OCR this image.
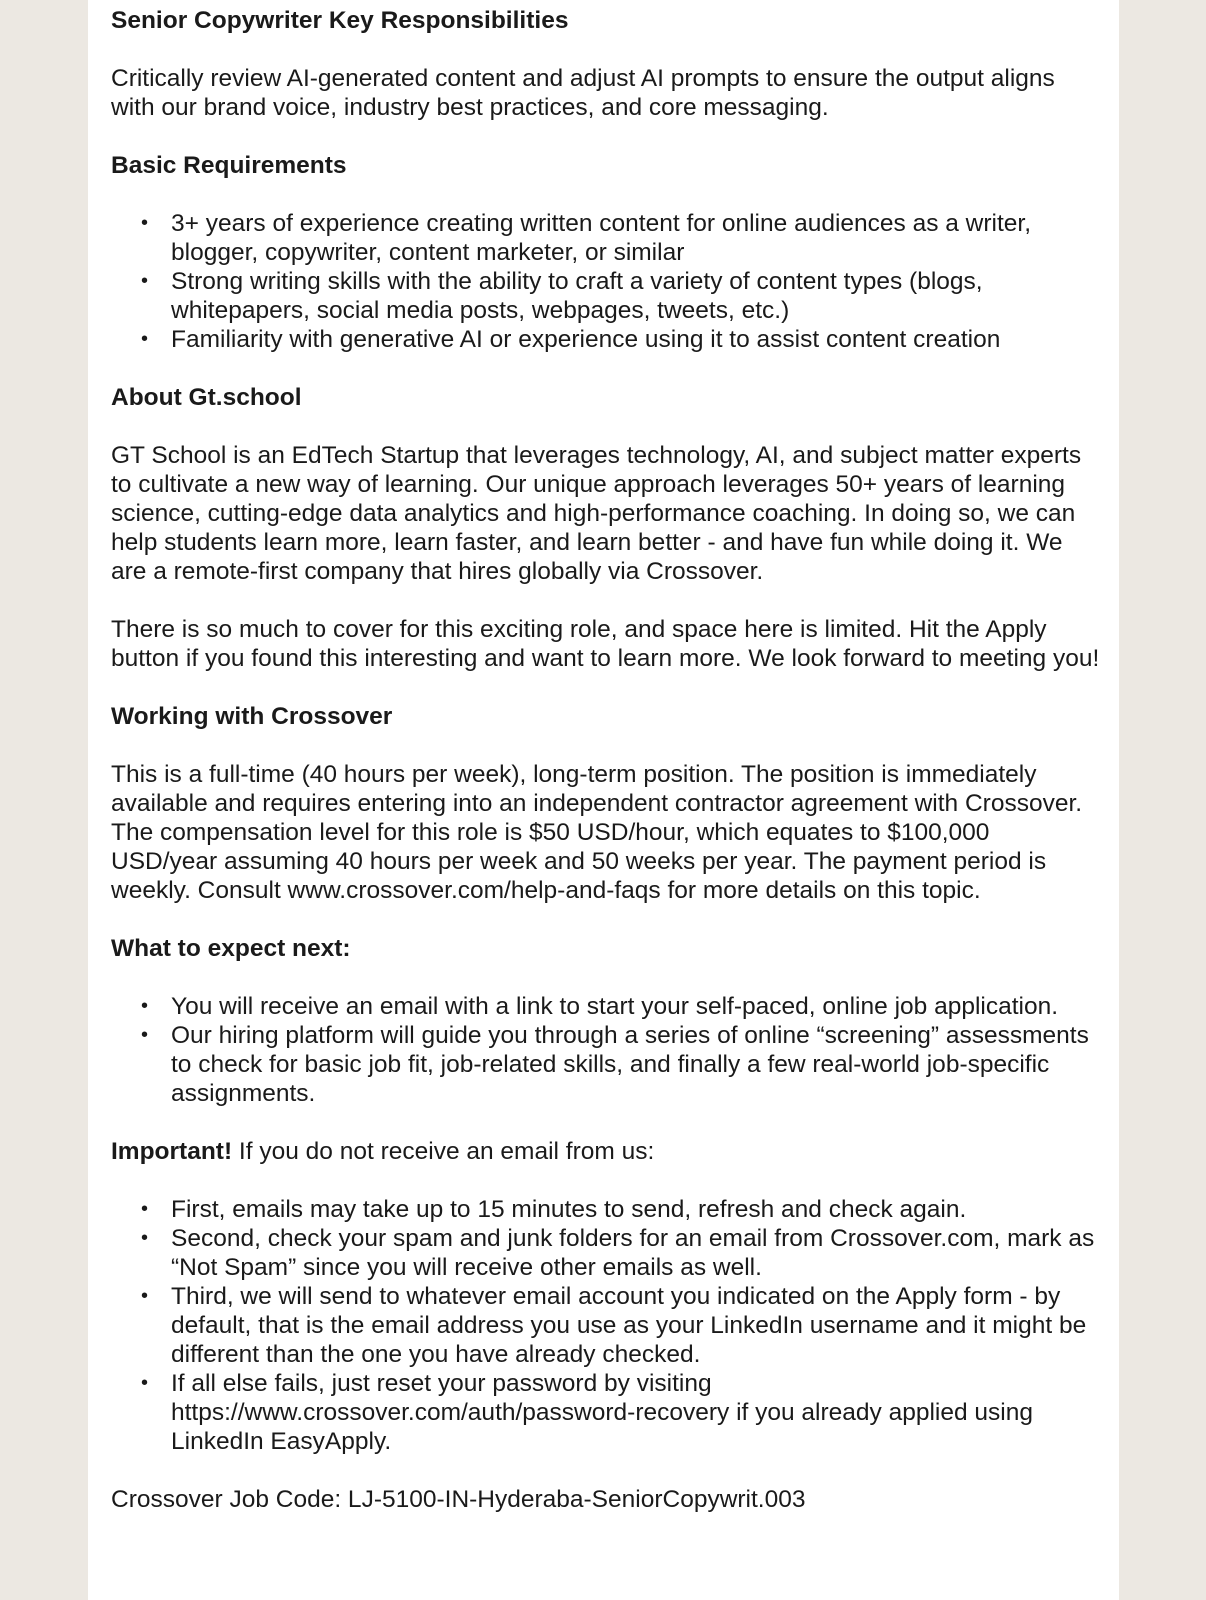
Senior Copywriter Key Responsibilities

Critically review AI-generated content and adjust AI prompts to ensure the output aligns with our brand voice, industry best practices, and core messaging.

Basic Requirements
• 3+ years of experience creating written content for online audiences as a writer, blogger, copywriter, content marketer, or similar
• Strong writing skills with the ability to craft a variety of content types (blogs, whitepapers, social media posts, webpages, tweets, etc.)
• Familiarity with generative AI or experience using it to assist content creation
About Gt.school

GT School is an EdTech Startup that leverages technology, AI, and subject matter experts to cultivate a new way of learning. Our unique approach leverages 50+ years of learning science, cutting-edge data analytics and high-performance coaching. In doing so, we can help students learn more, learn faster, and learn better - and have fun while doing it. We are a remote-first company that hires globally via Crossover.

There is so much to cover for this exciting role, and space here is limited. Hit the Apply button if you found this interesting and want to learn more. We look forward to meeting you!

Working with Crossover

This is a full-time (40 hours per week), long-term position. The position is immediately available and requires entering into an independent contractor agreement with Crossover. The compensation level for this role is $50 USD/hour, which equates to $100,000 USD/year assuming 40 hours per week and 50 weeks per year. The payment period is weekly. Consult www.crossover.com/help-and-faqs for more details on this topic.

What to expect next:
• You will receive an email with a link to start your self-paced, online job application.
• Our hiring platform will guide you through a series of online “screening” assessments to check for basic job fit, job-related skills, and finally a few real-world job-specific assignments.

Important! If you do not receive an email from us:

• First, emails may take up to 15 minutes to send, refresh and check again.
• Second, check your spam and junk folders for an email from Crossover.com, mark as “Not Spam” since you will receive other emails as well.
• Third, we will send to whatever email account you indicated on the Apply form - by default, that is the email address you use as your LinkedIn username and it might be different than the one you have already checked.
• If all else fails, just reset your password by visiting https://www.crossover.com/auth/password-recovery if you already applied using LinkedIn EasyApply.

Crossover Job Code: LJ-5100-IN-Hyderaba-SeniorCopywrit.003
